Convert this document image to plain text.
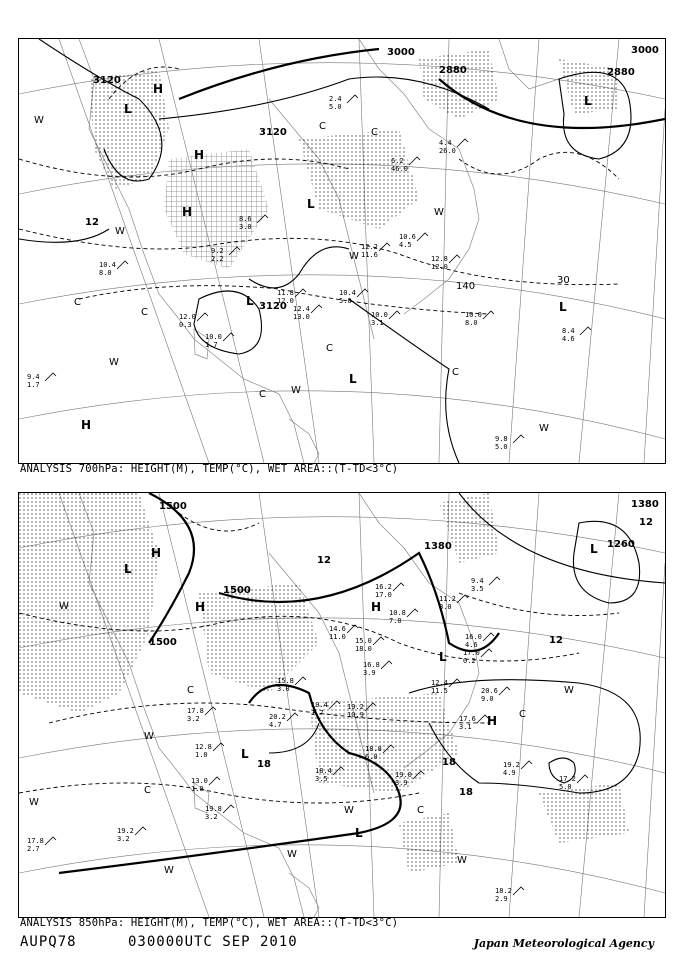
3000	3000
2880	2880
3120
3120
3120
12
30
140
L
L
L
L
L
L
H
H
H
H
C
C
C
C
C
C
C
W
W
W
W
W
W
W
10.4
8.0
10.0
1.7
12.0
0.3
9.2
2.2
10.6
4.5
12.2
11.6
10.0
3.1
10.4
5.0
12.8
12.0
10.0
8.0
8.4
4.6
9.8
5.0
4.4
26.0
6.2
46.0
12.4
13.0
11.8
12.0
8.6
3.0
2.4
5.0
9.4
1.7
ANALYSIS 700hPa: HEIGHT(M), TEMP(°C), WET AREA::(T-TD<3°C)
1500
1500
1500
1380
1380
1260
12
12
12
18
18
18
L
L
L
L
L
H
H	H
H
C
C
C
C
W
W
W
W
W
W
W
W
18.2
2.9
17.2
5.0
19.2
4.9
18.8
6.0
19.0
3.9
17.6
3.1
20.6
9.0
18.4
3.5
19.2
10.9
17.8
3.2
19.8
3.2
13.0
1.0
20.2
4.7
19.4
1.7
15.8
3.0
16.8
3.9
12.4
11.5
16.0
4.6
17.0
0.2
11.2
8.0
9.4
3.5
14.6
11.0 15.0
18.0
16.2
17.0
10.8
7.0
17.8
2.7
19.2
3.2
12.8
1.0
ANALYSIS 850hPa: HEIGHT(M), TEMP(°C), WET AREA::(T-TD<3°C)
AUPQ78	030000UTC SEP 2010	Japan Meteorological Agency
